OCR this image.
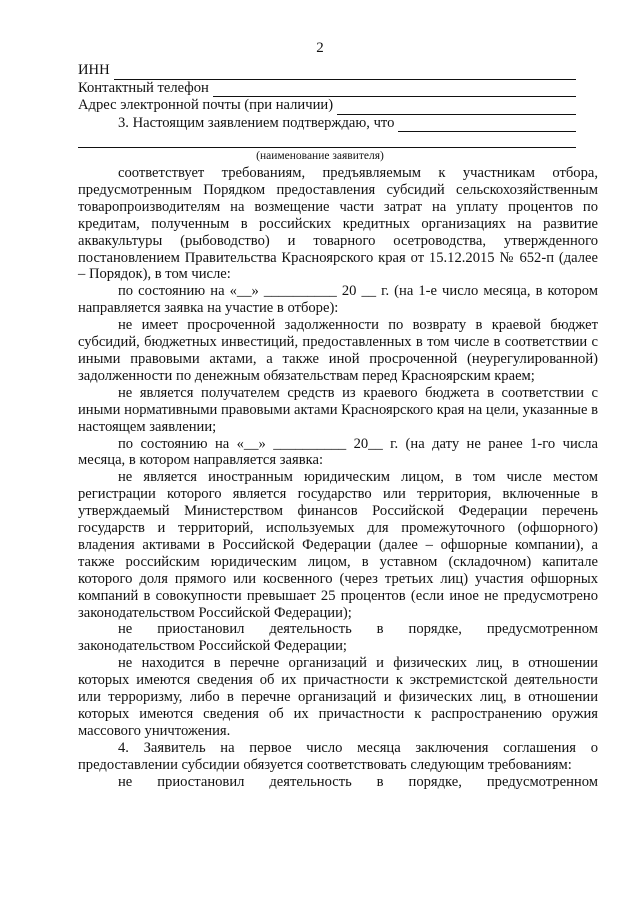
2
ИНН
Контактный телефон
Адрес электронной почты (при наличии)
3. Настоящим заявлением подтверждаю, что
(наименование заявителя)

соответствует требованиям, предъявляемым к участникам отбора, предусмотренным Порядком предоставления субсидий сельскохозяйственным товаропроизводителям на возмещение части затрат на уплату процентов по кредитам, полученным в российских кредитных организациях на развитие аквакультуры (рыбоводство) и товарного осетроводства, утвержденного постановлением Правительства Красноярского края от 15.12.2015 № 652-п (далее – Порядок), в том числе:

по состоянию на «__» __________ 20 __ г. (на 1-е число месяца, в котором направляется заявка на участие в отборе):

не имеет просроченной задолженности по возврату в краевой бюджет субсидий, бюджетных инвестиций, предоставленных в том числе в соответствии с иными правовыми актами, а также иной просроченной (неурегулированной) задолженности по денежным обязательствам перед Красноярским краем;

не является получателем средств из краевого бюджета в соответствии с иными нормативными правовыми актами Красноярского края на цели, указанные в настоящем заявлении;

по состоянию на «__» __________ 20__ г. (на дату не ранее 1-го числа месяца, в котором направляется заявка:

не является иностранным юридическим лицом, в том числе местом регистрации которого является государство или территория, включенные в утверждаемый Министерством финансов Российской Федерации перечень государств и территорий, используемых для промежуточного (офшорного) владения активами в Российской Федерации (далее – офшорные компании), а также российским юридическим лицом, в уставном (складочном) капитале которого доля прямого или косвенного (через третьих лиц) участия офшорных компаний в совокупности превышает 25 процентов (если иное не предусмотрено законодательством Российской Федерации);

не приостановил деятельность в порядке, предусмотренном законодательством Российской Федерации;

не находится в перечне организаций и физических лиц, в отношении которых имеются сведения об их причастности к экстремистской деятельности или терроризму, либо в перечне организаций и физических лиц, в отношении которых имеются сведения об их причастности к распространению оружия массового уничтожения.

4. Заявитель на первое число месяца заключения соглашения о предоставлении субсидии обязуется соответствовать следующим требованиям:

не приостановил деятельность в порядке, предусмотренном
